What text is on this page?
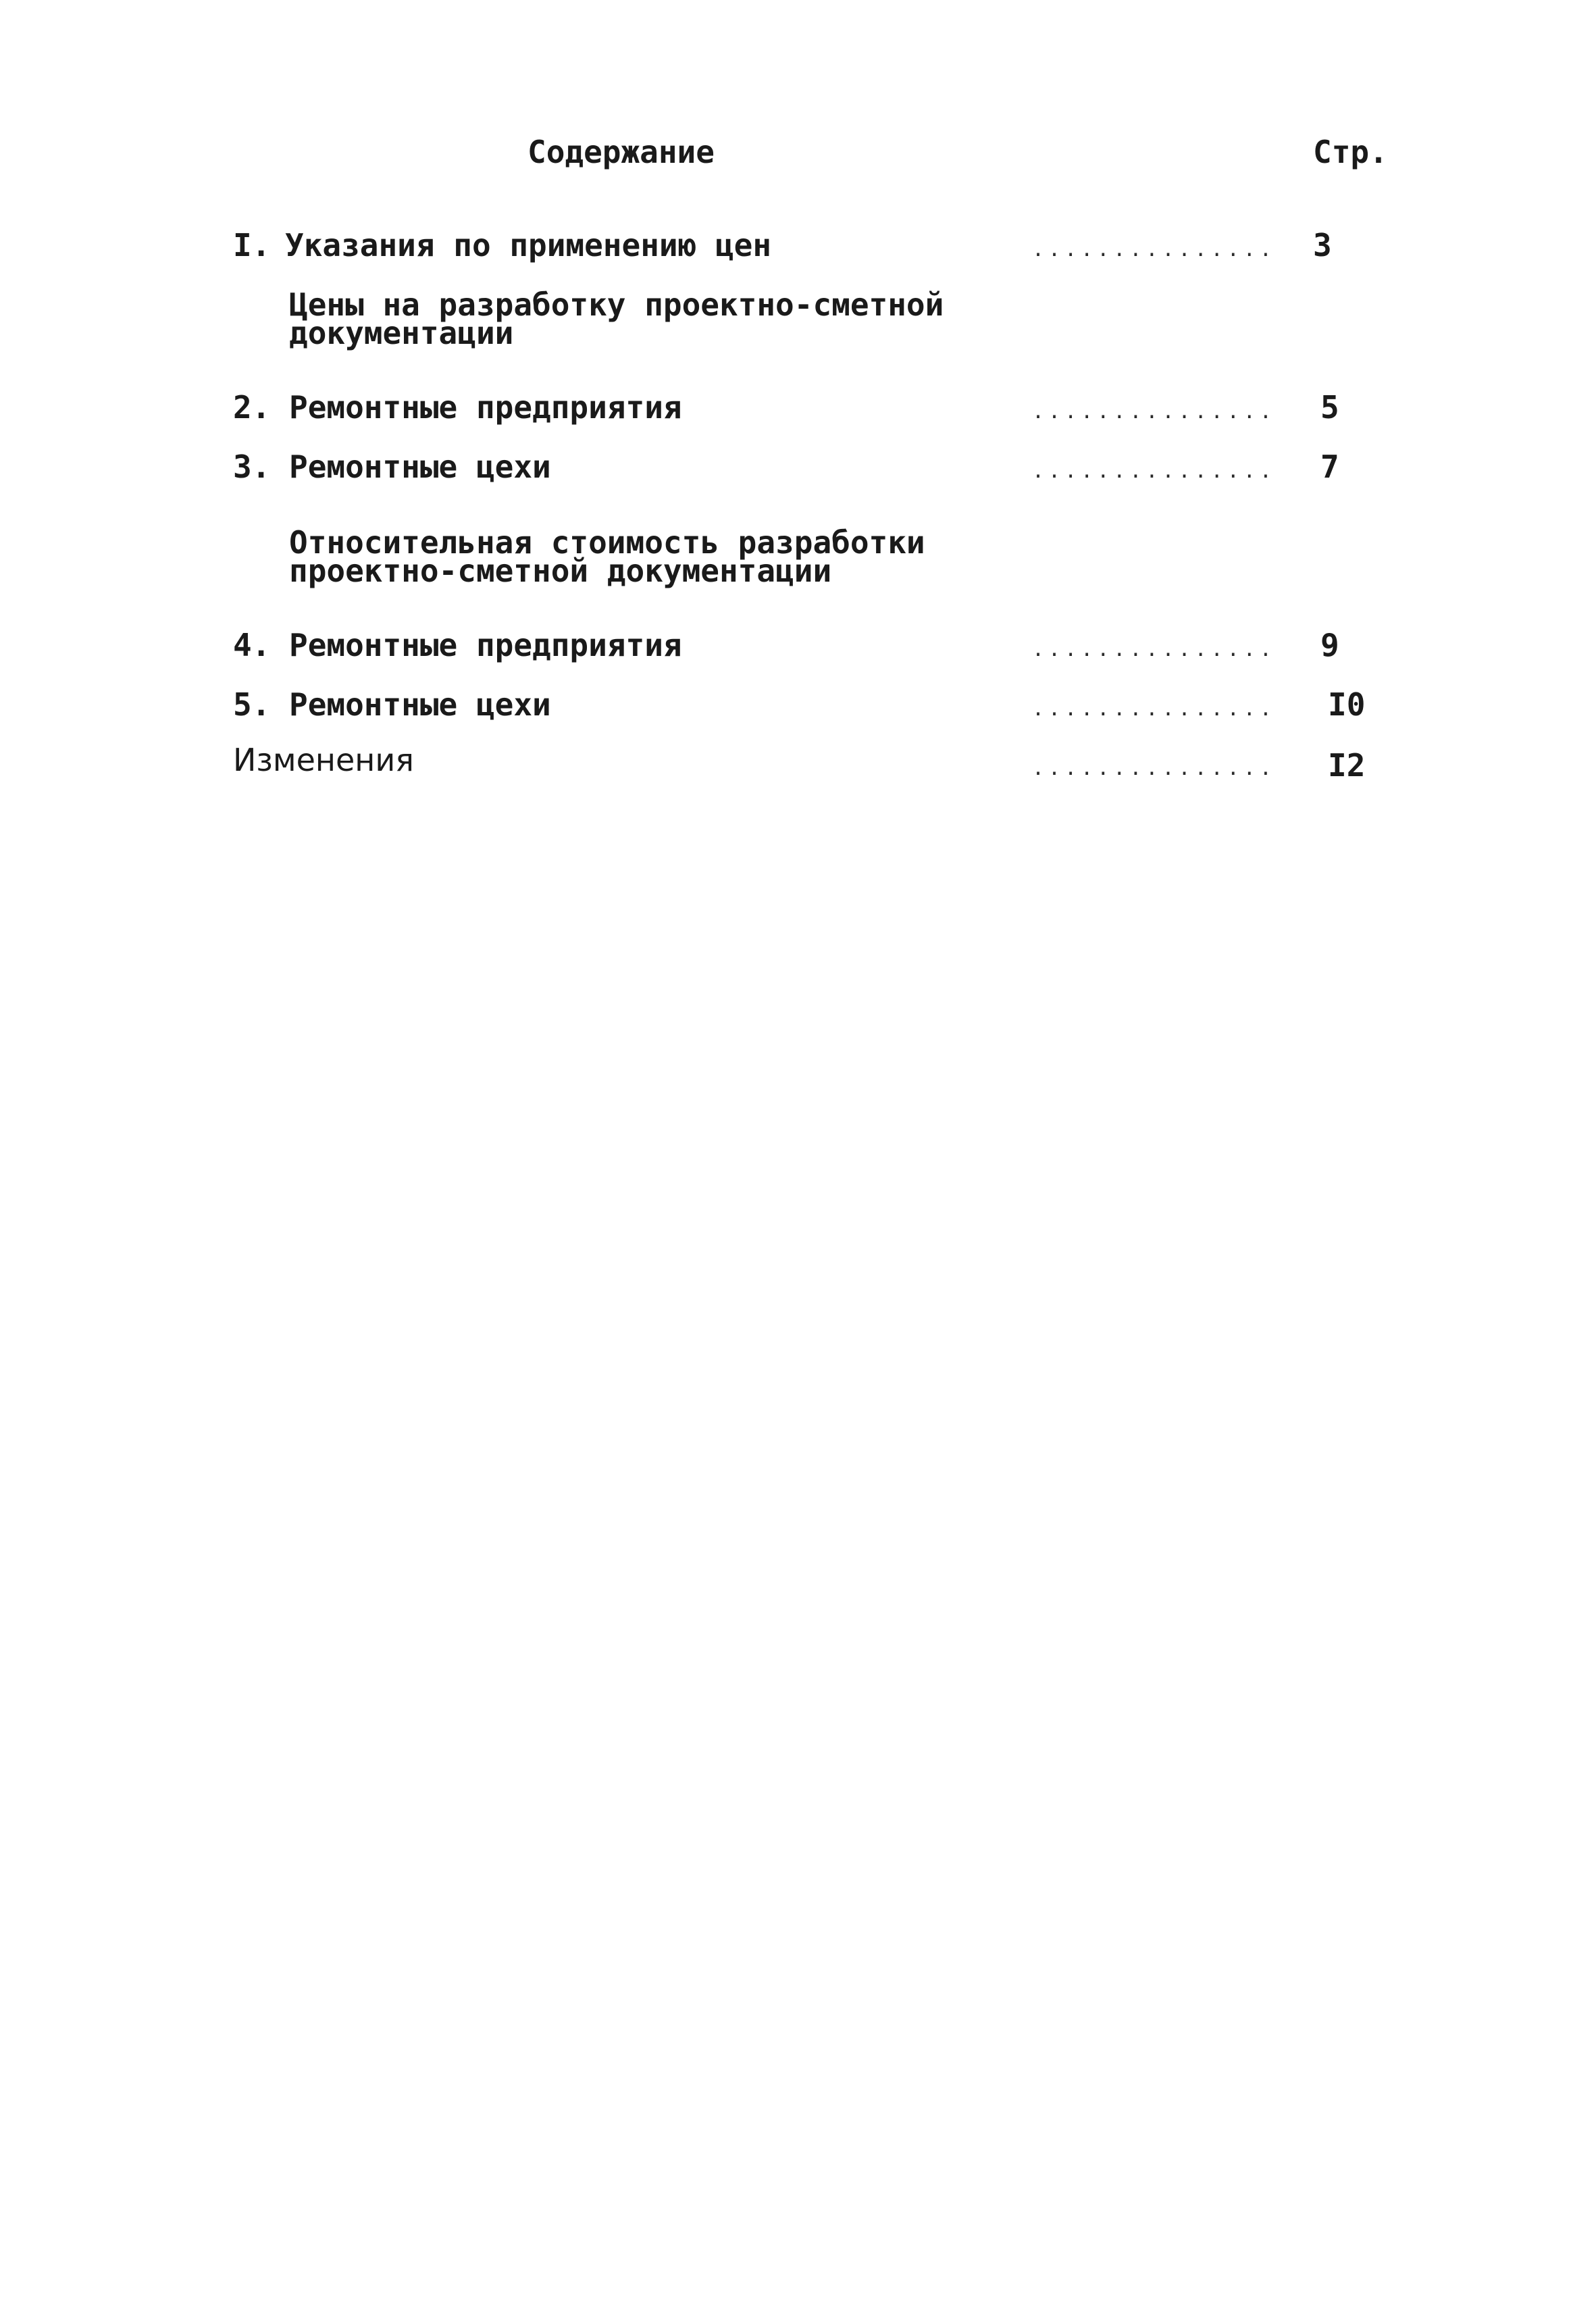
Содержание	Стр.
I. Указания по применению цен	............... 3
Цены на разработку проектно-сметной
документации
2. Ремонтные предприятия	............... 5
3. Ремонтные цехи	............... 7
Относительная стоимость разработки
проектно-сметной документации
4. Ремонтные предприятия	............... 9
5. Ремонтные цехи	............... I0
Изменения	............... I2
